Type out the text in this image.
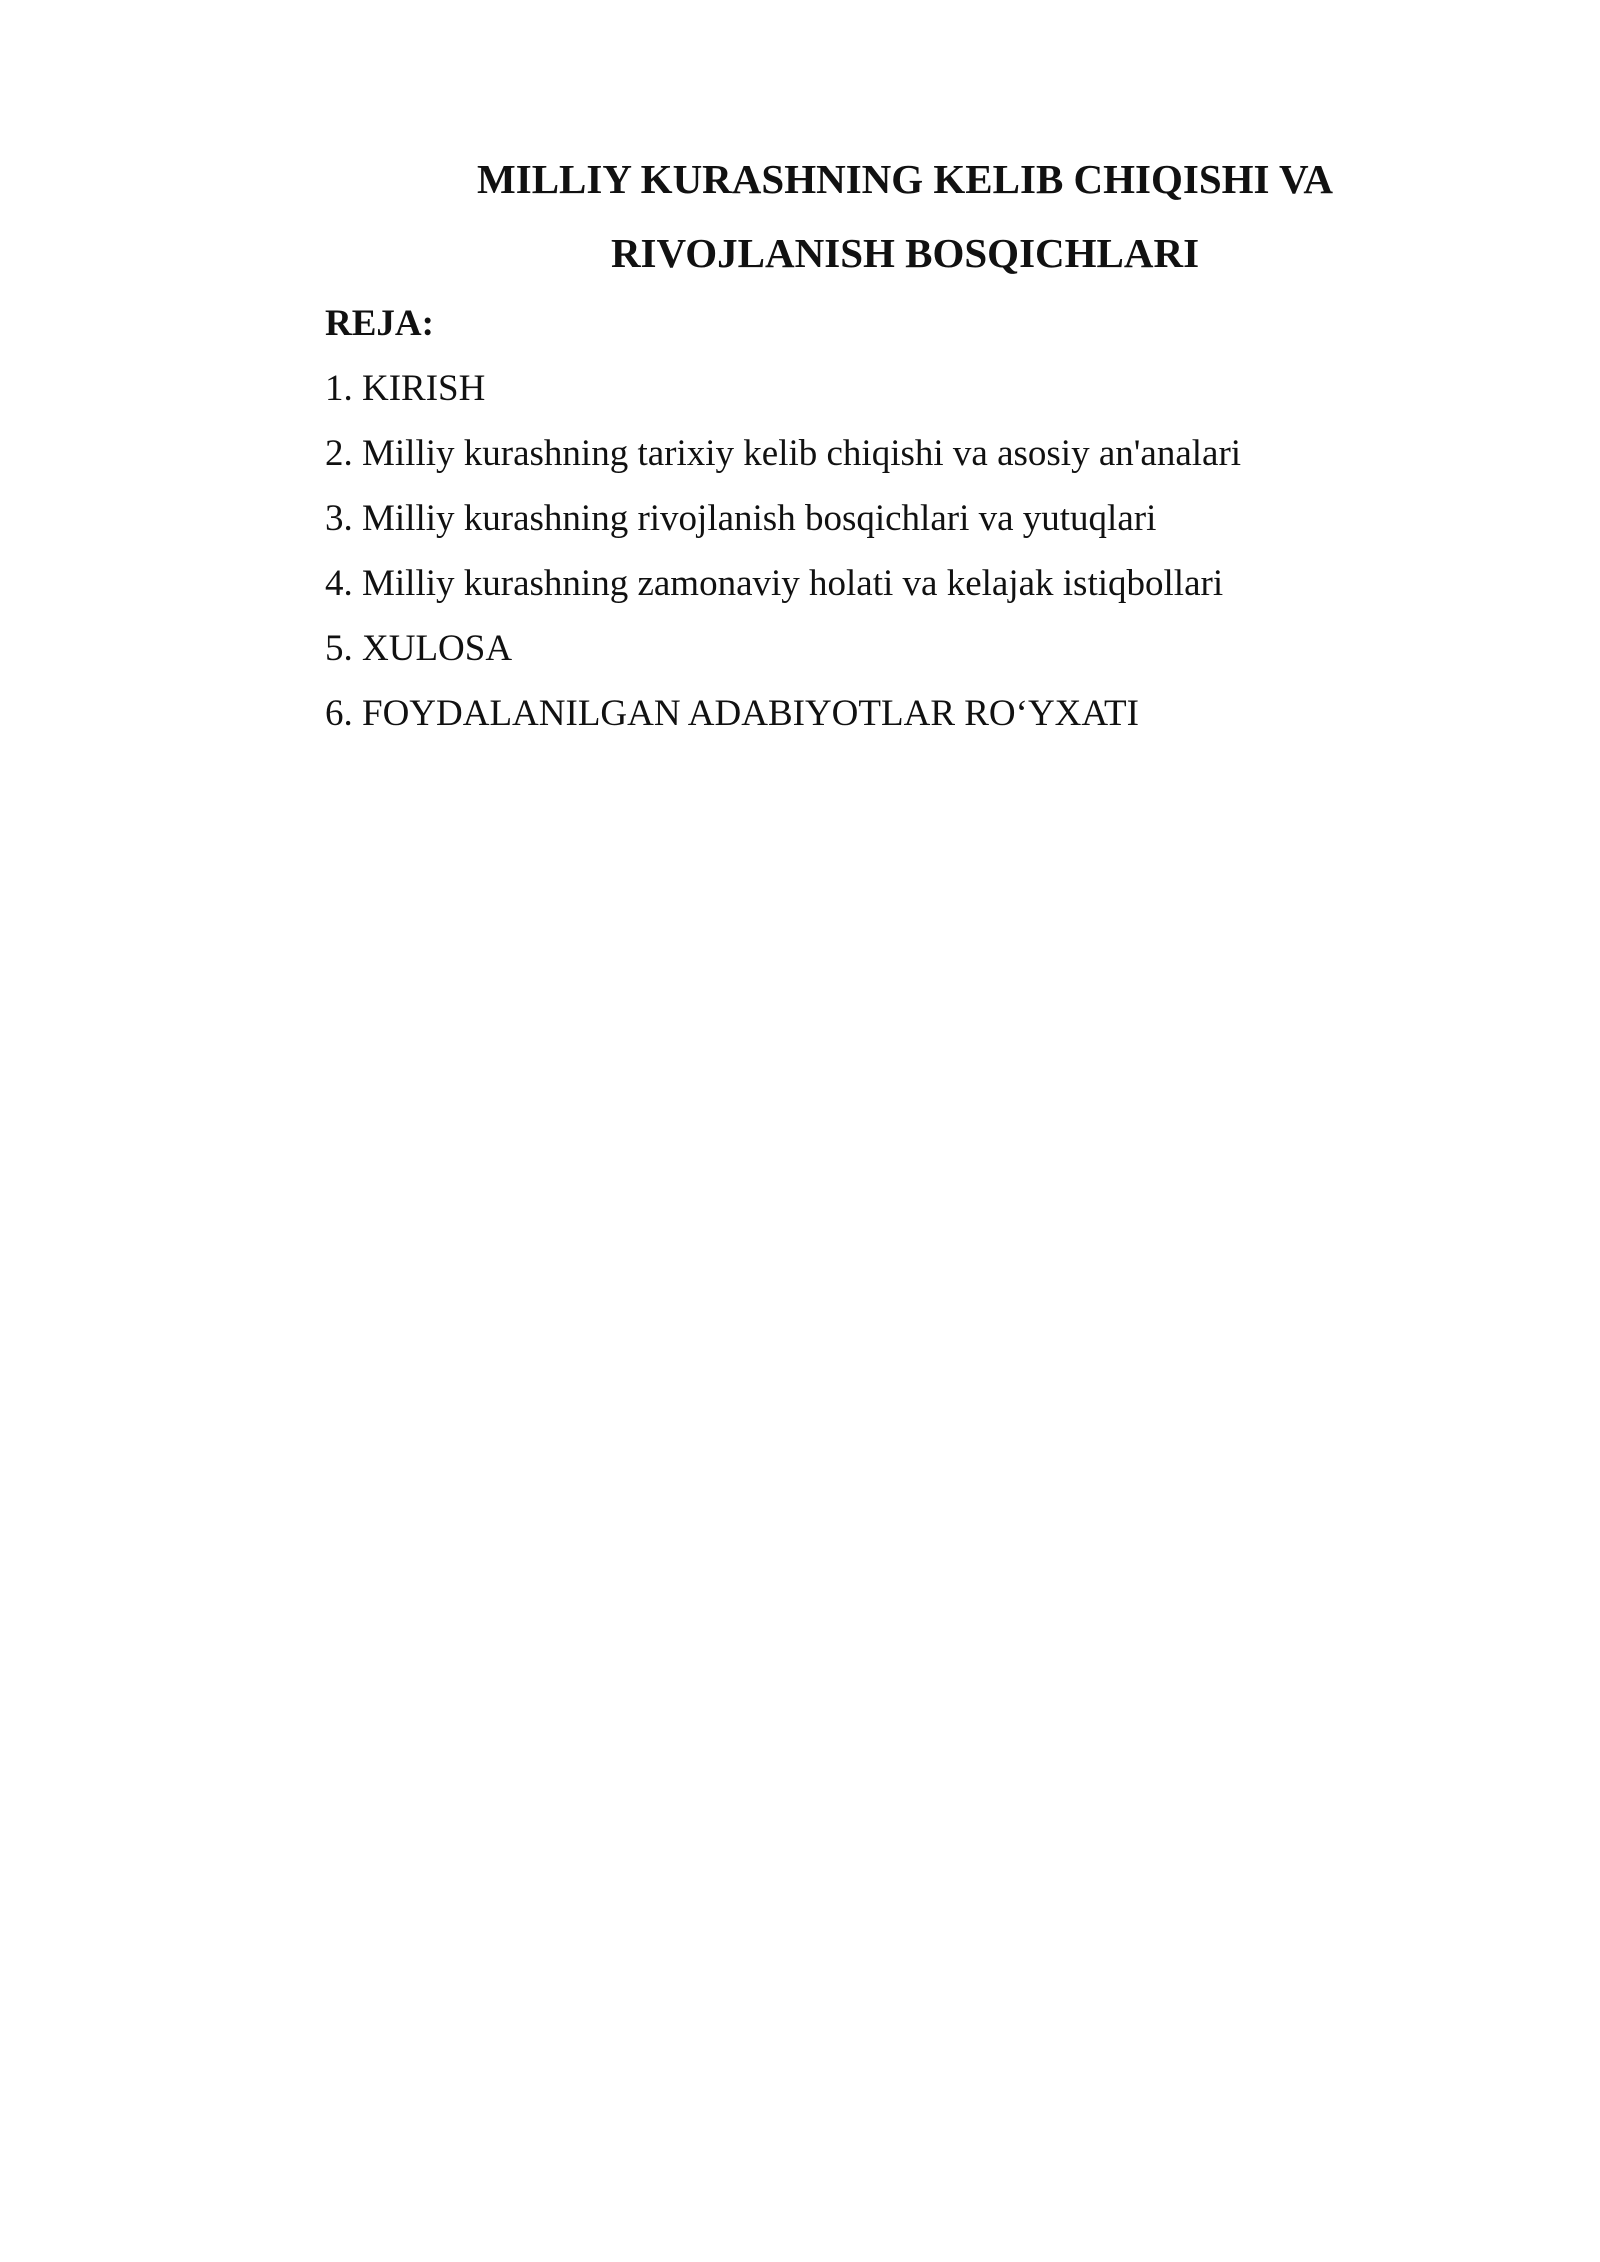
MILLIY KURASHNING KELIB CHIQISHI VA
RIVOJLANISH BOSQICHLARI

REJA:

1. KIRISH
2. Milliy kurashning tarixiy kelib chiqishi va asosiy an'analari
3. Milliy kurashning rivojlanish bosqichlari va yutuqlari
4. Milliy kurashning zamonaviy holati va kelajak istiqbollari
5. XULOSA
6. FOYDALANILGAN ADABIYOTLAR RO‘YXATI
